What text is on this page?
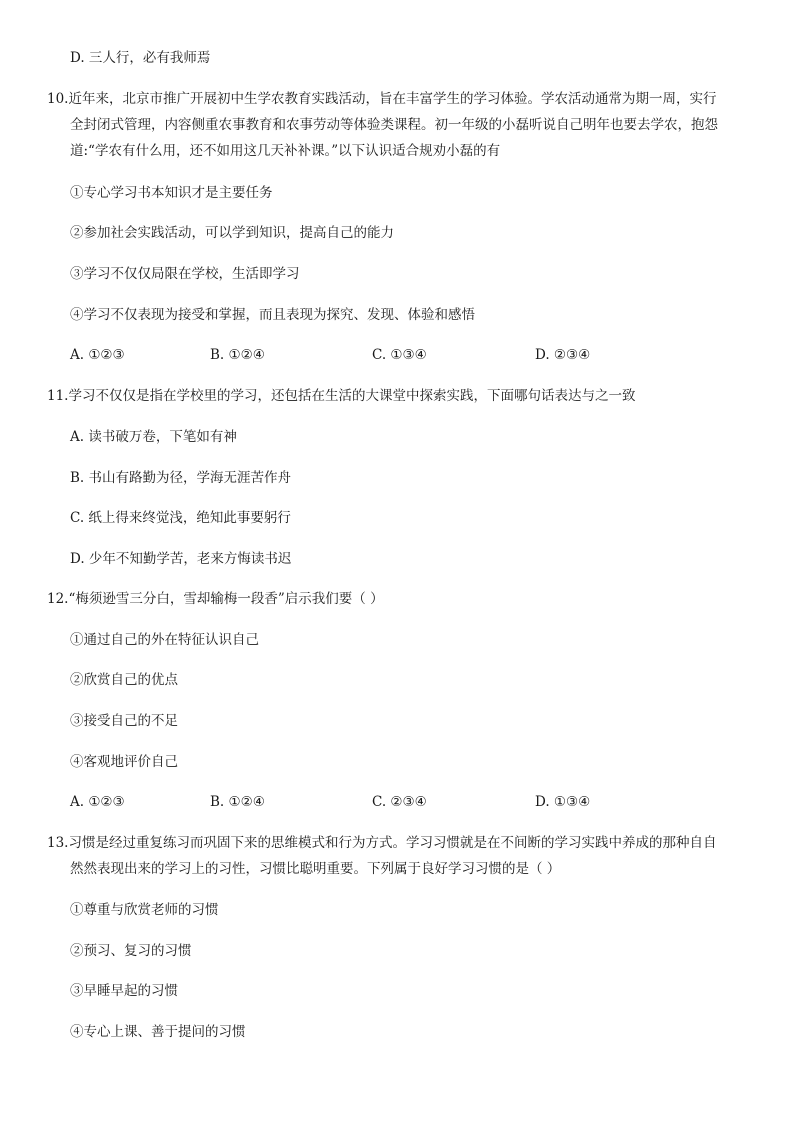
D. 三人行，必有我师焉
10.近年来，北京市推广开展初中生学农教育实践活动，旨在丰富学生的学习体验。学农活动通常为期一周，实行
全封闭式管理，内容侧重农事教育和农事劳动等体验类课程。初一年级的小磊听说自己明年也要去学农，抱怨
道:“学农有什么用，还不如用这几天补补课。”以下认识适合规劝小磊的有
①专心学习书本知识才是主要任务
②参加社会实践活动，可以学到知识，提高自己的能力
③学习不仅仅局限在学校，生活即学习
④学习不仅表现为接受和掌握，而且表现为探究、发现、体验和感悟
A. ①②③	B. ①②④	C. ①③④	D. ②③④
11.学习不仅仅是指在学校里的学习，还包括在生活的大课堂中探索实践，下面哪句话表达与之一致
A. 读书破万卷，下笔如有神
B. 书山有路勤为径，学海无涯苦作舟
C. 纸上得来终觉浅，绝知此事要躬行
D. 少年不知勤学苦，老来方悔读书迟
12.“梅须逊雪三分白，雪却输梅一段香”启示我们要（ ）
①通过自己的外在特征认识自己
②欣赏自己的优点
③接受自己的不足
④客观地评价自己
A. ①②③	B. ①②④	C. ②③④	D. ①③④
13.习惯是经过重复练习而巩固下来的思维模式和行为方式。学习习惯就是在不间断的学习实践中养成的那种自自
然然表现出来的学习上的习性，习惯比聪明重要。下列属于良好学习习惯的是（ ）
①尊重与欣赏老师的习惯
②预习、复习的习惯
③早睡早起的习惯
④专心上课、善于提问的习惯
